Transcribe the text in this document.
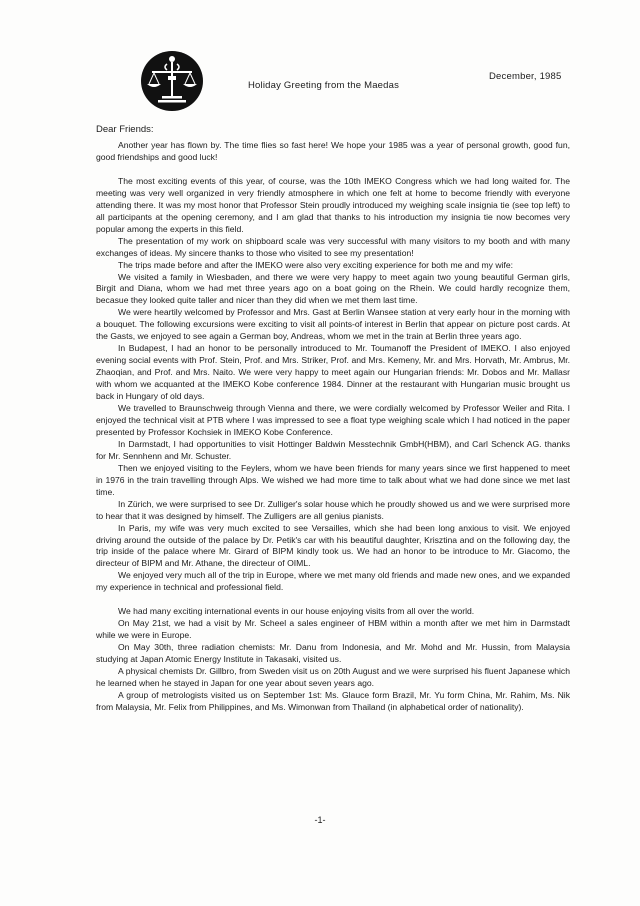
Holiday Greeting from the Maedas
December, 1985
Dear Friends:

Another year has flown by. The time flies so fast here! We hope your 1985 was a year of personal growth, good fun, good friendships and good luck!

The most exciting events of this year, of course, was the 10th IMEKO Congress which we had long waited for. The meeting was very well organized in very friendly atmosphere in which one felt at home to become friendly with everyone attending there. It was my most honor that Professor Stein proudly introduced my weighing scale insignia tie (see top left) to all participants at the opening ceremony, and I am glad that thanks to his introduction my insignia tie now becomes very popular among the experts in this field.

The presentation of my work on shipboard scale was very successful with many visitors to my booth and with many exchanges of ideas. My sincere thanks to those who visited to see my presentation!

The trips made before and after the IMEKO were also very exciting experience for both me and my wife:

We visited a family in Wiesbaden, and there we were very happy to meet again two young beautiful German girls, Birgit and Diana, whom we had met three years ago on a boat going on the Rhein. We could hardly recognize them, becasue they looked quite taller and nicer than they did when we met them last time.

We were heartily welcomed by Professor and Mrs. Gast at Berlin Wansee station at very early hour in the morning with a bouquet. The following excursions were exciting to visit all points-of interest in Berlin that appear on picture post cards. At the Gasts, we enjoyed to see again a German boy, Andreas, whom we met in the train at Berlin three years ago.

In Budapest, I had an honor to be personally introduced to Mr. Toumanoff the President of IMEKO. I also enjoyed evening social events with Prof. Stein, Prof. and Mrs. Striker, Prof. and Mrs. Kemeny, Mr. and Mrs. Horvath, Mr. Ambrus, Mr. Zhaoqian, and Prof. and Mrs. Naito. We were very happy to meet again our Hungarian friends: Mr. Dobos and Mr. Mallasr with whom we acquanted at the IMEKO Kobe conference 1984. Dinner at the restaurant with Hungarian music brought us back in Hungary of old days.

We travelled to Braunschweig through Vienna and there, we were cordially welcomed by Professor Weiler and Rita. I enjoyed the technical visit at PTB where I was impressed to see a float type weighing scale which I had noticed in the paper presented by Professor Kochsiek in IMEKO Kobe Conference.

In Darmstadt, I had opportunities to visit Hottinger Baldwin Messtechnik GmbH(HBM), and Carl Schenck AG. thanks for Mr. Sennhenn and Mr. Schuster.

Then we enjoyed visiting to the Feylers, whom we have been friends for many years since we first happened to meet in 1976 in the train travelling through Alps. We wished we had more time to talk about what we had done since we met last time.

In Zürich, we were surprised to see Dr. Zulliger's solar house which he proudly showed us and we were surprised more to hear that it was designed by himself. The Zulligers are all genius pianists.

In Paris, my wife was very much excited to see Versailles, which she had been long anxious to visit. We enjoyed driving around the outside of the palace by Dr. Petik's car with his beautiful daughter, Krisztina and on the following day, the trip inside of the palace where Mr. Girard of BIPM kindly took us. We had an honor to be introduce to Mr. Giacomo, the directeur of BIPM and Mr. Athane, the directeur of OIML.

We enjoyed very much all of the trip in Europe, where we met many old friends and made new ones, and we expanded my experience in technical and professional field.

We had many exciting international events in our house enjoying visits from all over the world.

On May 21st, we had a visit by Mr. Scheel a sales engineer of HBM within a month after we met him in Darmstadt while we were in Europe.

On May 30th, three radiation chemists: Mr. Danu from Indonesia, and Mr. Mohd and Mr. Hussin, from Malaysia studying at Japan Atomic Energy Institute in Takasaki, visited us.

A physical chemists Dr. Gillbro, from Sweden visit us on 20th August and we were surprised his fluent Japanese which he learned when he stayed in Japan for one year about seven years ago.

A group of metrologists visited us on September 1st: Ms. Glauce form Brazil, Mr. Yu form China, Mr. Rahim, Ms. Nik from Malaysia, Mr. Felix from Philippines, and Ms. Wimonwan from Thailand (in alphabetical order of nationality).

-1-
